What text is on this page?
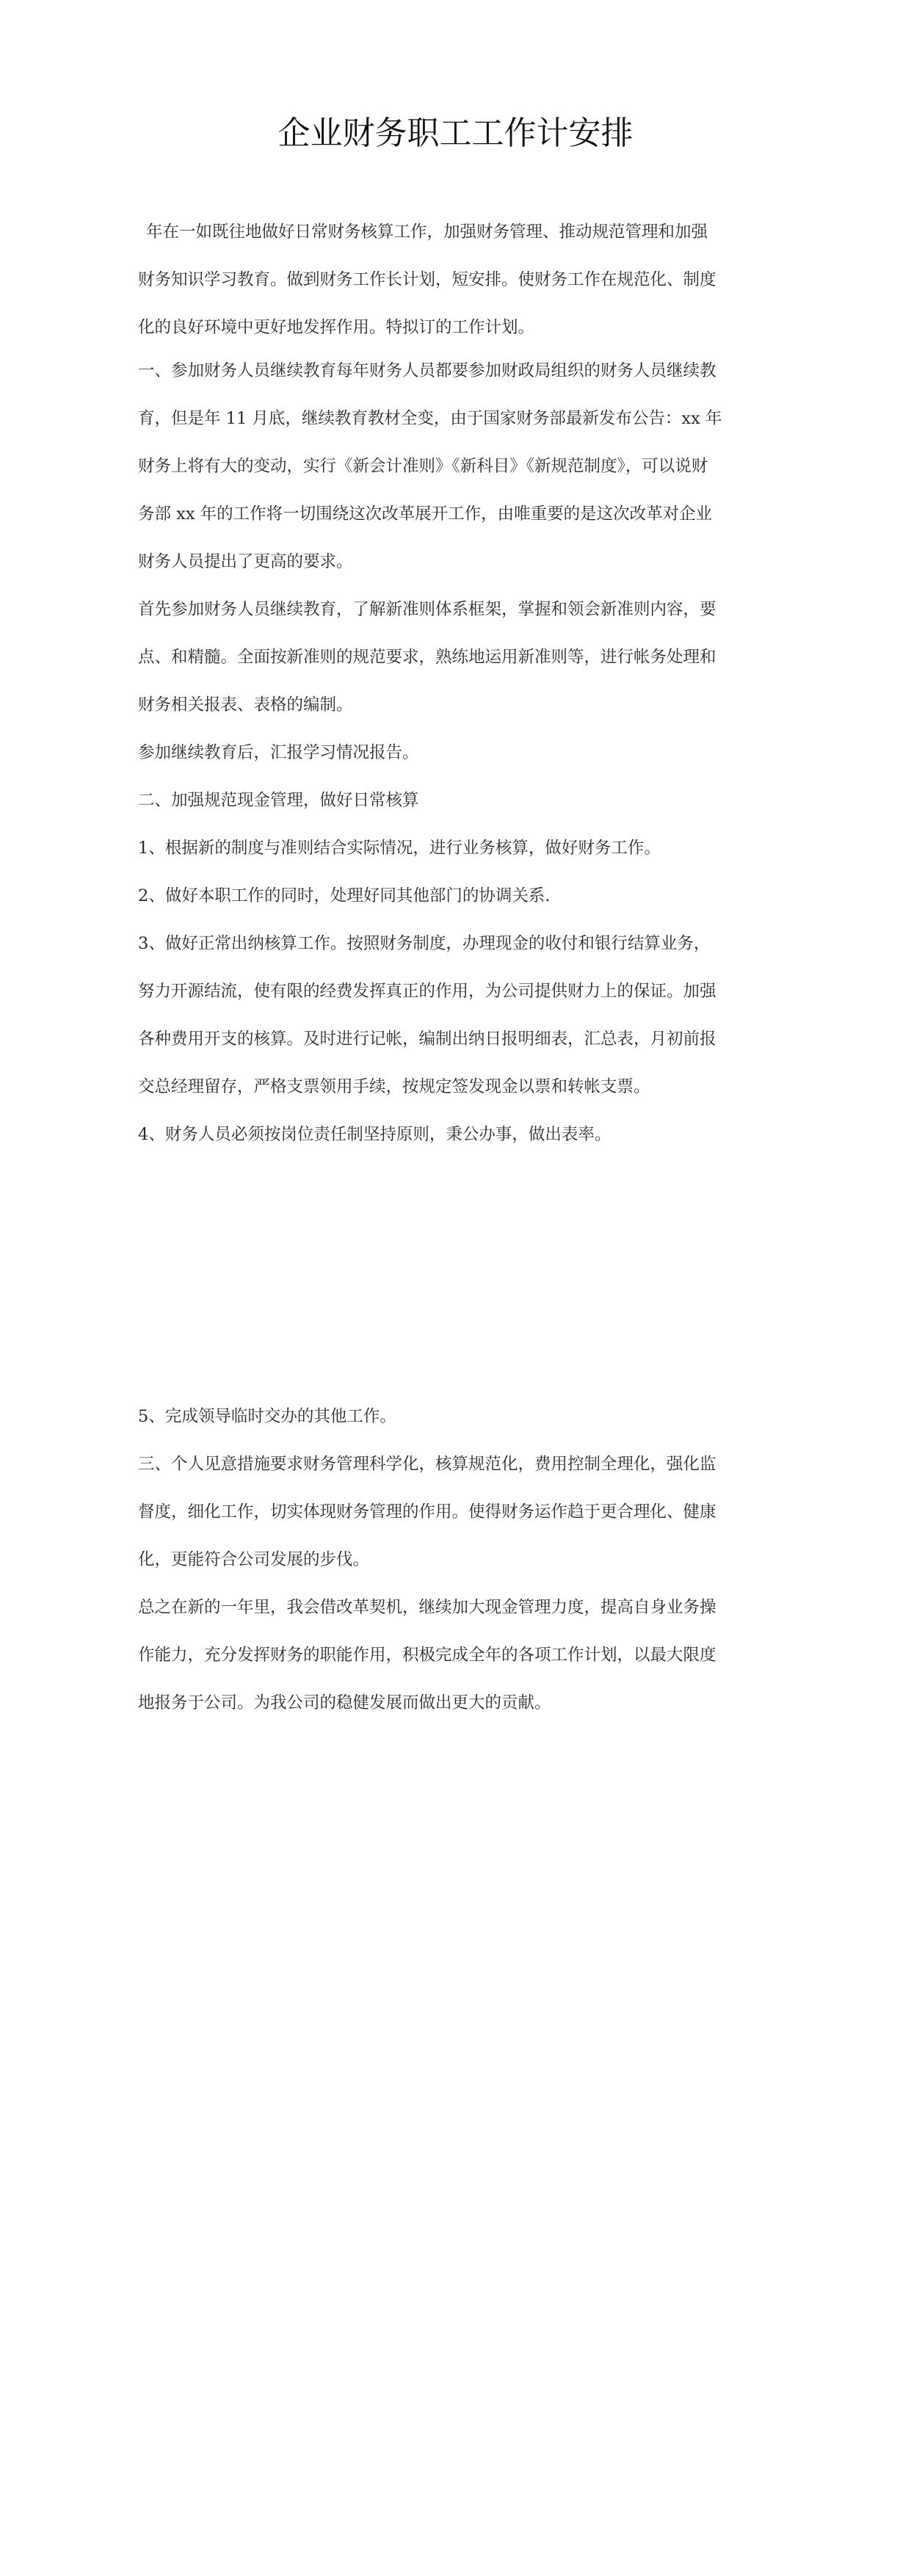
企业财务职工工作计安排
年在一如既往地做好日常财务核算工作，加强财务管理、推动规范管理和加强
财务知识学习教育。做到财务工作长计划，短安排。使财务工作在规范化、制度
化的良好环境中更好地发挥作用。特拟订的工作计划。
一、参加财务人员继续教育每年财务人员都要参加财政局组织的财务人员继续教
育，但是年 11 月底，继续教育教材全变，由于国家财务部最新发布公告：xx 年
财务上将有大的变动，实行《新会计准则》《新科目》《新规范制度》，可以说财
务部 xx 年的工作将一切围绕这次改革展开工作，由唯重要的是这次改革对企业
财务人员提出了更高的要求。
首先参加财务人员继续教育，了解新准则体系框架，掌握和领会新准则内容，要
点、和精髓。全面按新准则的规范要求，熟练地运用新准则等，进行帐务处理和
财务相关报表、表格的编制。
参加继续教育后，汇报学习情况报告。
二、加强规范现金管理，做好日常核算
1、根据新的制度与准则结合实际情况，进行业务核算，做好财务工作。
2、做好本职工作的同时，处理好同其他部门的协调关系.
3、做好正常出纳核算工作。按照财务制度，办理现金的收付和银行结算业务，
努力开源结流，使有限的经费发挥真正的作用，为公司提供财力上的保证。加强
各种费用开支的核算。及时进行记帐，编制出纳日报明细表，汇总表，月初前报
交总经理留存，严格支票领用手续，按规定签发现金以票和转帐支票。
4、财务人员必须按岗位责任制坚持原则，秉公办事，做出表率。
5、完成领导临时交办的其他工作。
三、个人见意措施要求财务管理科学化，核算规范化，费用控制全理化，强化监
督度，细化工作，切实体现财务管理的作用。使得财务运作趋于更合理化、健康
化，更能符合公司发展的步伐。
总之在新的一年里，我会借改革契机，继续加大现金管理力度，提高自身业务操
作能力，充分发挥财务的职能作用，积极完成全年的各项工作计划，以最大限度
地报务于公司。为我公司的稳健发展而做出更大的贡献。
